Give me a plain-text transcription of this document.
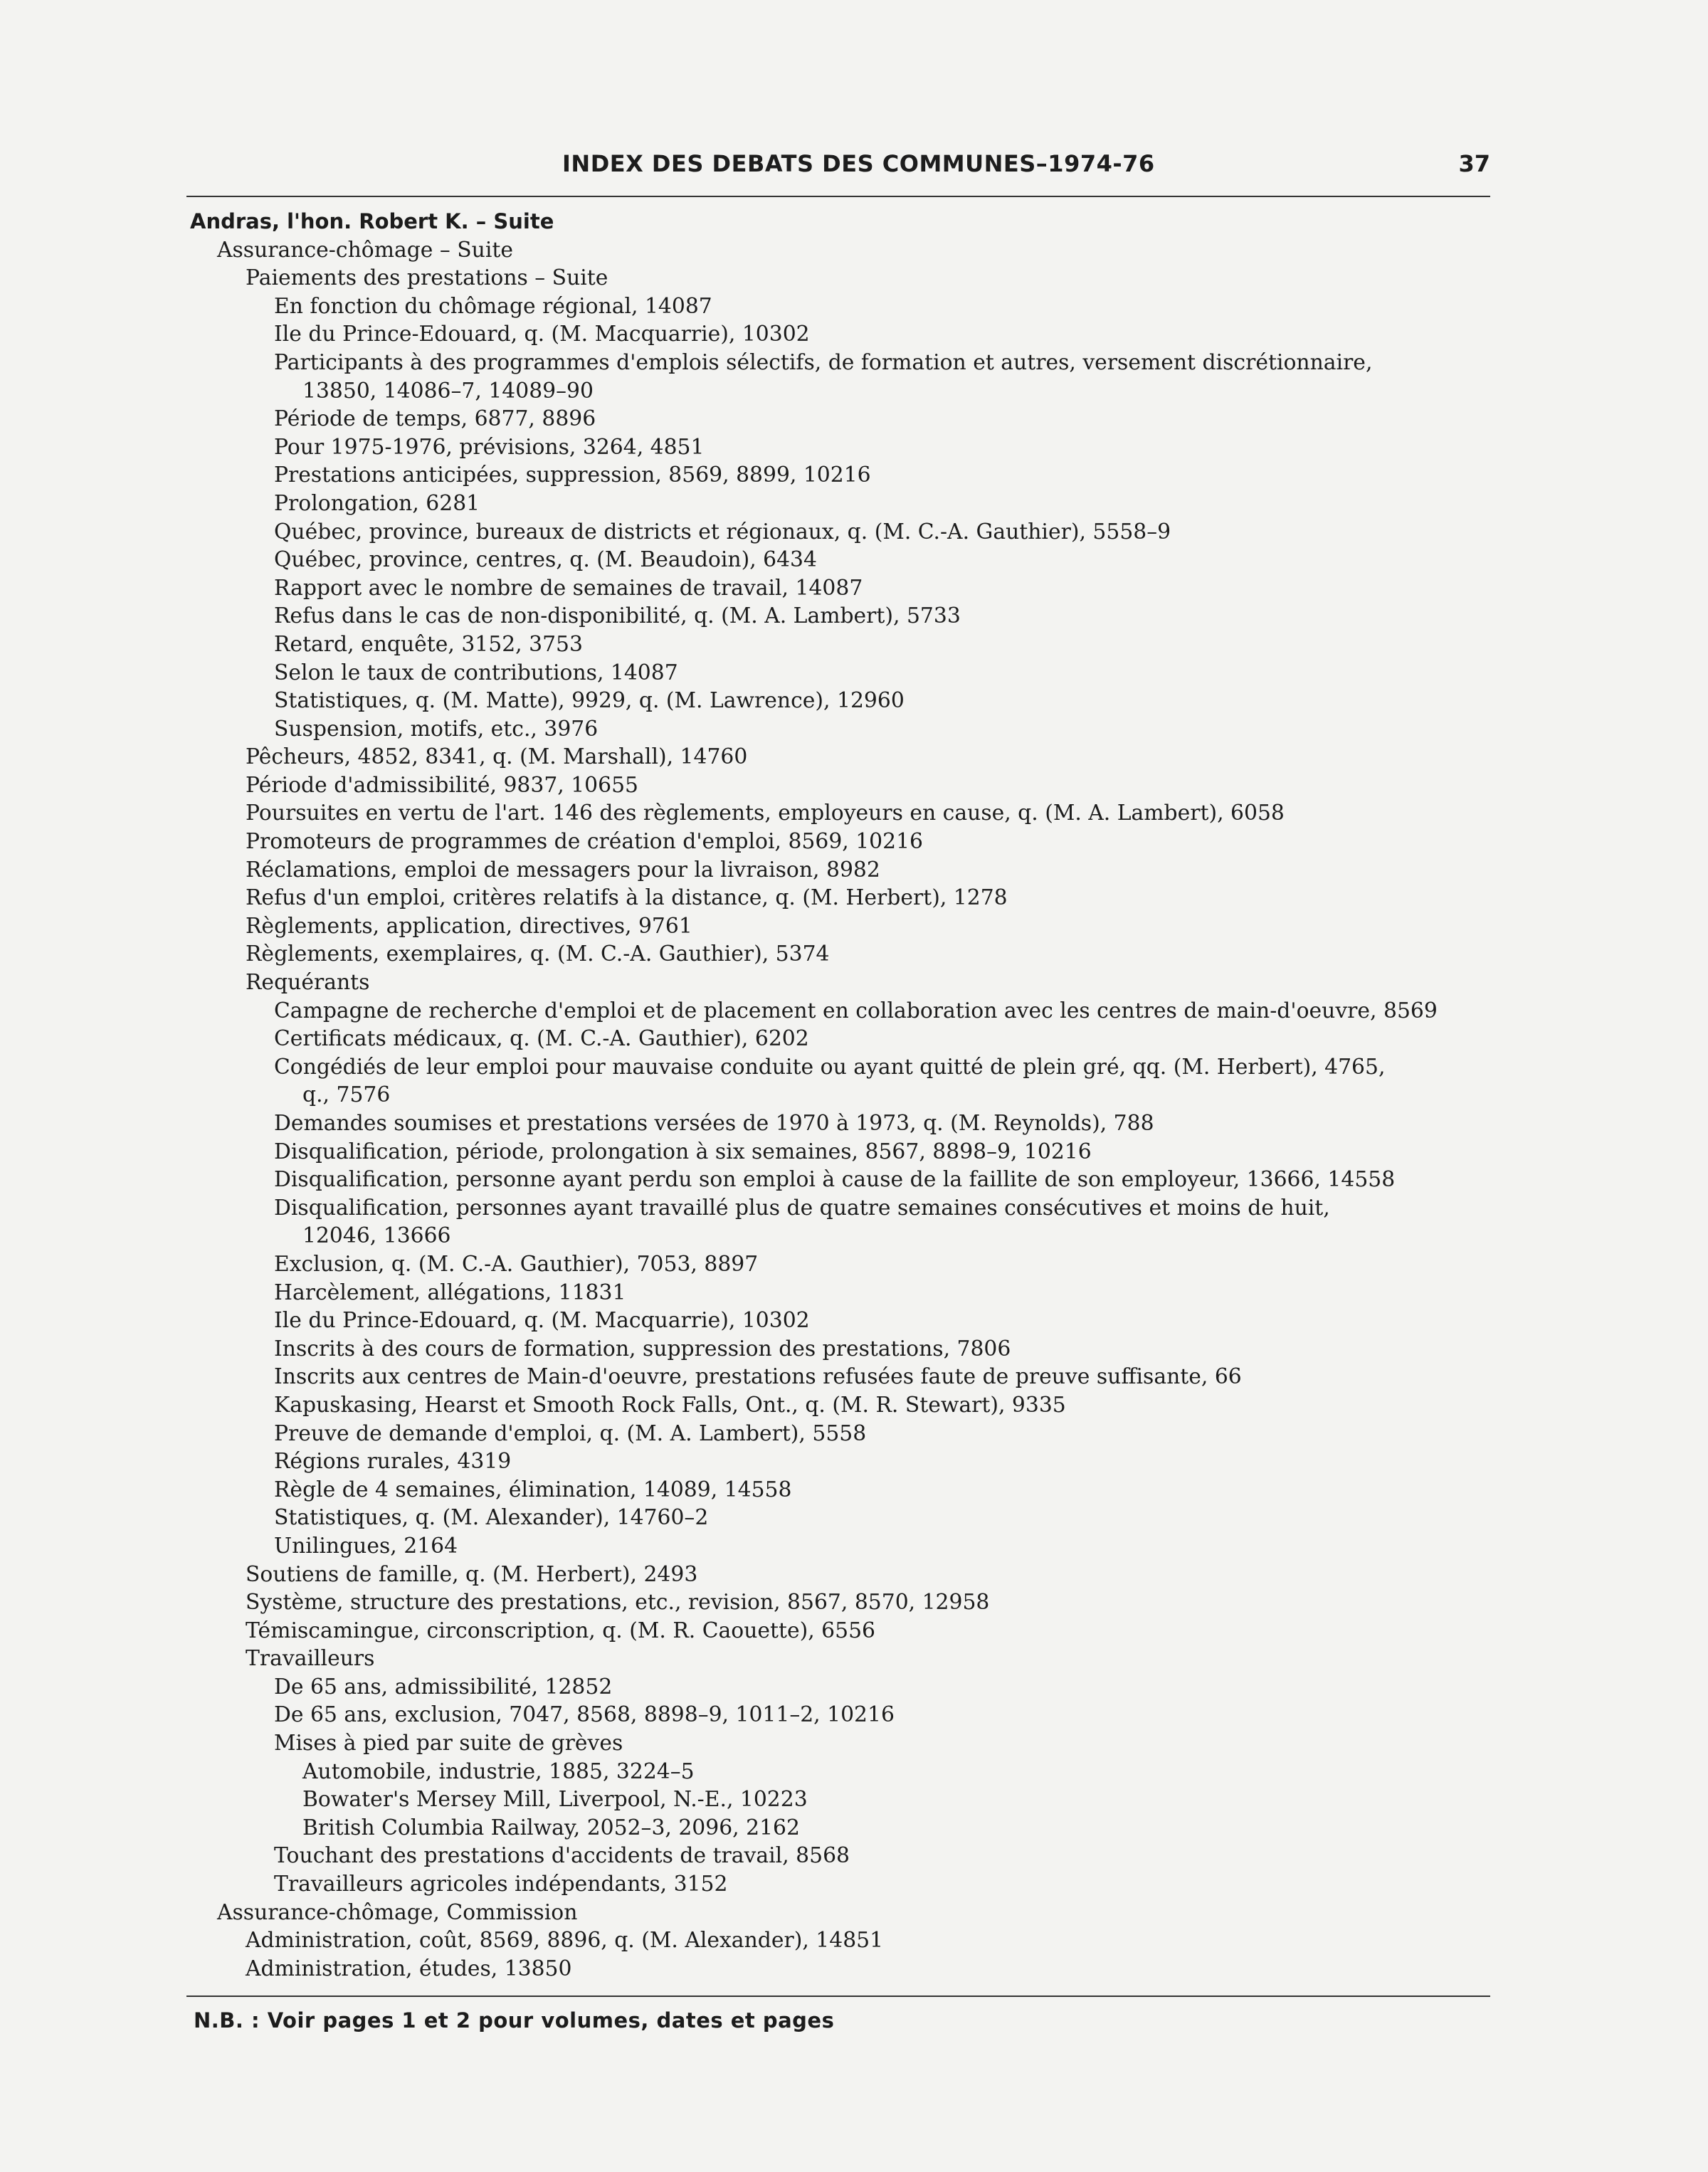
INDEX DES DEBATS DES COMMUNES–1974-76	37
Andras, l'hon. Robert K. – Suite
Assurance-chômage – Suite
Paiements des prestations – Suite
En fonction du chômage régional, 14087
Ile du Prince-Edouard, q. (M. Macquarrie), 10302
Participants à des programmes d'emplois sélectifs, de formation et autres, versement discrétionnaire,
13850, 14086–7, 14089–90
Période de temps, 6877, 8896
Pour 1975-1976, prévisions, 3264, 4851
Prestations anticipées, suppression, 8569, 8899, 10216
Prolongation, 6281
Québec, province, bureaux de districts et régionaux, q. (M. C.-A. Gauthier), 5558–9
Québec, province, centres, q. (M. Beaudoin), 6434
Rapport avec le nombre de semaines de travail, 14087
Refus dans le cas de non-disponibilité, q. (M. A. Lambert), 5733
Retard, enquête, 3152, 3753
Selon le taux de contributions, 14087
Statistiques, q. (M. Matte), 9929, q. (M. Lawrence), 12960
Suspension, motifs, etc., 3976
Pêcheurs, 4852, 8341, q. (M. Marshall), 14760
Période d'admissibilité, 9837, 10655
Poursuites en vertu de l'art. 146 des règlements, employeurs en cause, q. (M. A. Lambert), 6058
Promoteurs de programmes de création d'emploi, 8569, 10216
Réclamations, emploi de messagers pour la livraison, 8982
Refus d'un emploi, critères relatifs à la distance, q. (M. Herbert), 1278
Règlements, application, directives, 9761
Règlements, exemplaires, q. (M. C.-A. Gauthier), 5374
Requérants
Campagne de recherche d'emploi et de placement en collaboration avec les centres de main-d'oeuvre, 8569
Certificats médicaux, q. (M. C.-A. Gauthier), 6202
Congédiés de leur emploi pour mauvaise conduite ou ayant quitté de plein gré, qq. (M. Herbert), 4765,
q., 7576
Demandes soumises et prestations versées de 1970 à 1973, q. (M. Reynolds), 788
Disqualification, période, prolongation à six semaines, 8567, 8898–9, 10216
Disqualification, personne ayant perdu son emploi à cause de la faillite de son employeur, 13666, 14558
Disqualification, personnes ayant travaillé plus de quatre semaines consécutives et moins de huit,
12046, 13666
Exclusion, q. (M. C.-A. Gauthier), 7053, 8897
Harcèlement, allégations, 11831
Ile du Prince-Edouard, q. (M. Macquarrie), 10302
Inscrits à des cours de formation, suppression des prestations, 7806
Inscrits aux centres de Main-d'oeuvre, prestations refusées faute de preuve suffisante, 66
Kapuskasing, Hearst et Smooth Rock Falls, Ont., q. (M. R. Stewart), 9335
Preuve de demande d'emploi, q. (M. A. Lambert), 5558
Régions rurales, 4319
Règle de 4 semaines, élimination, 14089, 14558
Statistiques, q. (M. Alexander), 14760–2
Unilingues, 2164
Soutiens de famille, q. (M. Herbert), 2493
Système, structure des prestations, etc., revision, 8567, 8570, 12958
Témiscamingue, circonscription, q. (M. R. Caouette), 6556
Travailleurs
De 65 ans, admissibilité, 12852
De 65 ans, exclusion, 7047, 8568, 8898–9, 1011–2, 10216
Mises à pied par suite de grèves
Automobile, industrie, 1885, 3224–5
Bowater's Mersey Mill, Liverpool, N.-E., 10223
British Columbia Railway, 2052–3, 2096, 2162
Touchant des prestations d'accidents de travail, 8568
Travailleurs agricoles indépendants, 3152
Assurance-chômage, Commission
Administration, coût, 8569, 8896, q. (M. Alexander), 14851
Administration, études, 13850
N.B. : Voir pages 1 et 2 pour volumes, dates et pages
